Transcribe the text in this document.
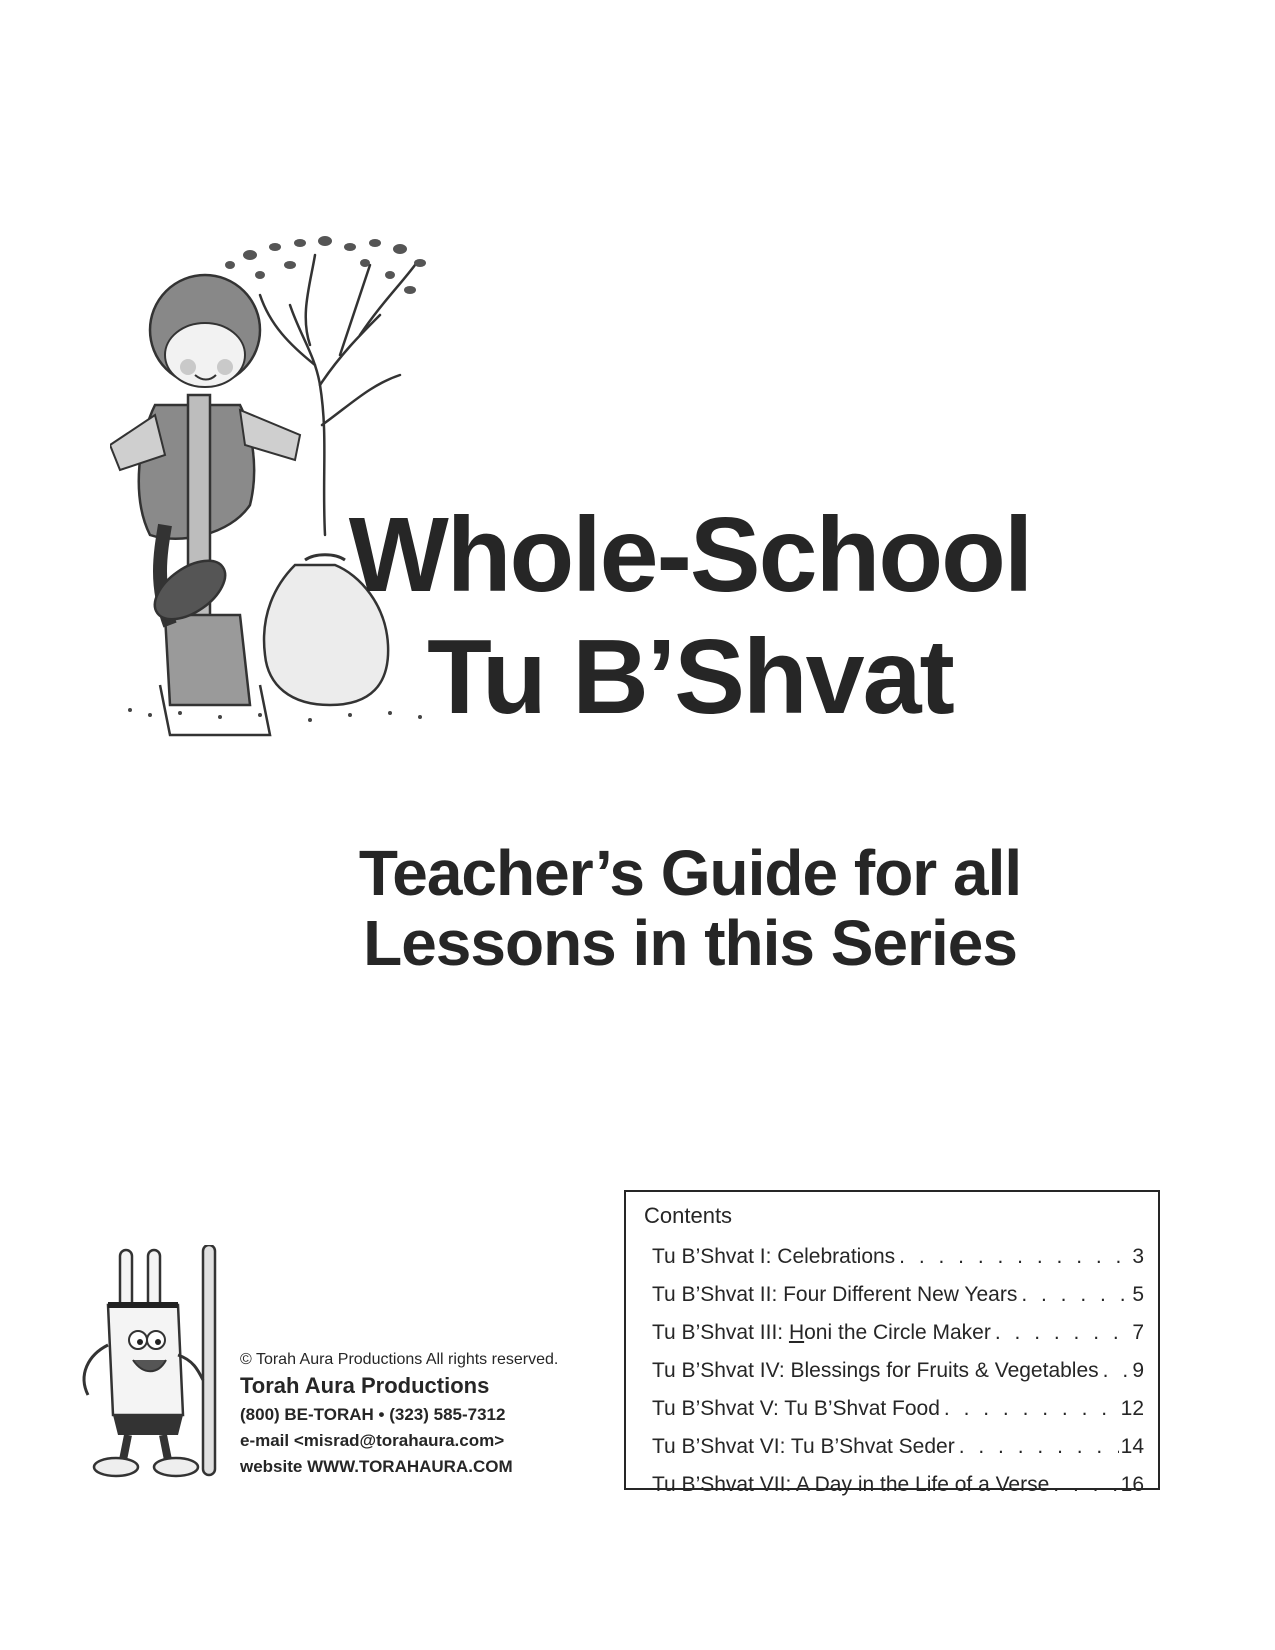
Whole-School
Tu B’Shvat
Teacher’s Guide for all
Lessons in this Series
© Torah Aura Productions All rights reserved.
Torah Aura Productions
(800) BE-TORAH • (323) 585-7312
e-mail <misrad@torahaura.com>
website WWW.TORAHAURA.COM
Contents
Tu B’Shvat I: Celebrations . . .	3
Tu B’Shvat II: Four Different New Years . . .	5
Tu B’Shvat III: Honi the Circle Maker . . .	7
Tu B’Shvat IV: Blessings for Fruits & Vegetables . . . 9
Tu B’Shvat V: Tu B’Shvat Food . . .	12
Tu B’Shvat VI: Tu B’Shvat Seder . . .	14
Tu B’Shvat VII: A Day in the Life of a Verse . . .	16
